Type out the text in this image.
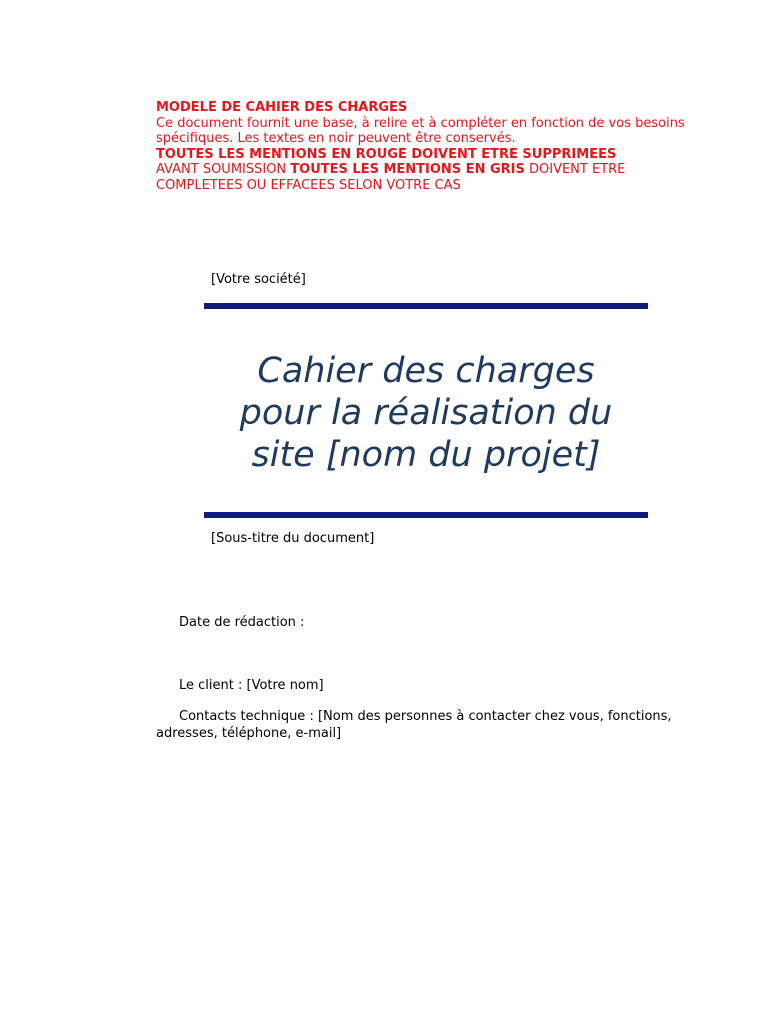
MODELE DE CAHIER DES CHARGES

Ce document fournit une base, à relire et à compléter en fonction de vos besoins spécifiques. Les textes en noir peuvent être conservés.

TOUTES LES MENTIONS EN ROUGE DOIVENT ETRE SUPPRIMEES

AVANT SOUMISSION TOUTES LES MENTIONS EN GRIS DOIVENT ETRE COMPLETEES OU EFFACEES SELON VOTRE CAS

[Votre société]
Cahier des charges
pour la réalisation du
site [nom du projet]
[Sous-titre du document]
Date de rédaction :
Le client : [Votre nom]
Contacts technique : [Nom des personnes à contacter chez vous, fonctions, adresses, téléphone, e-mail]
